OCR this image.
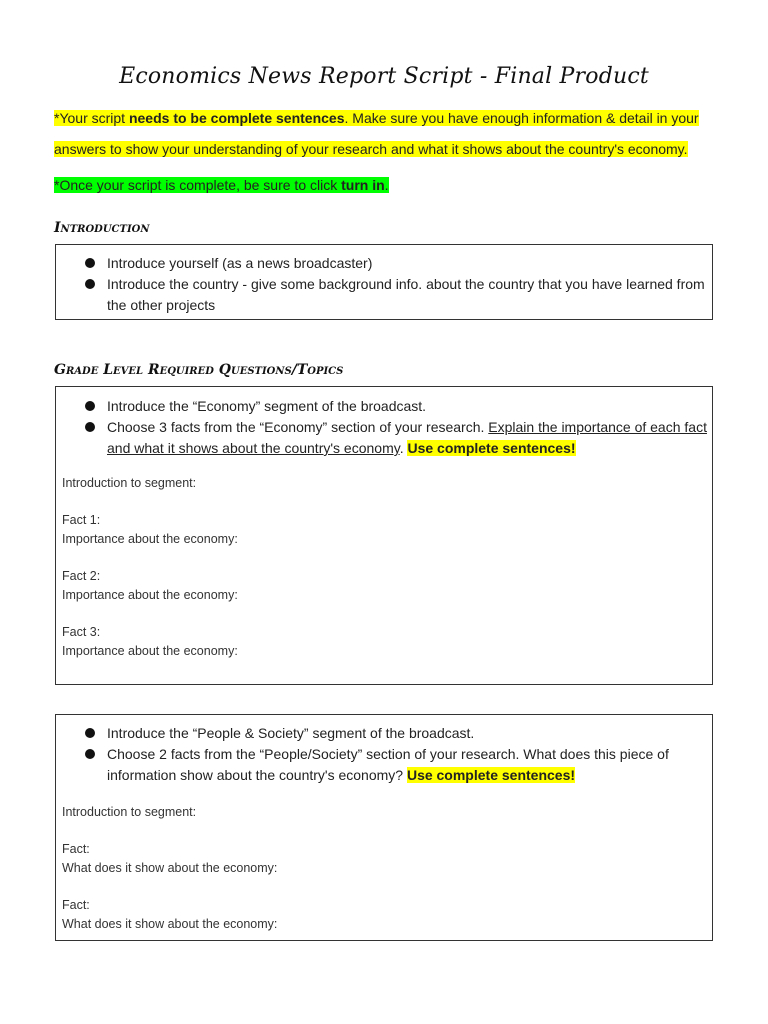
Economics News Report Script - Final Product
*Your script needs to be complete sentences. Make sure you have enough information & detail in your answers to show your understanding of your research and what it shows about the country's economy.
*Once your script is complete, be sure to click turn in.
Introduction
Introduce yourself (as a news broadcaster)
Introduce the country - give some background info. about the country that you have learned from the other projects
Grade Level Required Questions/Topics
Introduce the “Economy” segment of the broadcast.
Choose 3 facts from the “Economy” section of your research. Explain the importance of each fact and what it shows about the country's economy. Use complete sentences!
Introduction to segment:
Fact 1:
Importance about the economy:
Fact 2:
Importance about the economy:
Fact 3:
Importance about the economy:
Introduce the “People & Society” segment of the broadcast.
Choose 2 facts from the “People/Society” section of your research. What does this piece of information show about the country's economy? Use complete sentences!
Introduction to segment:
Fact:
What does it show about the economy:
Fact:
What does it show about the economy:
